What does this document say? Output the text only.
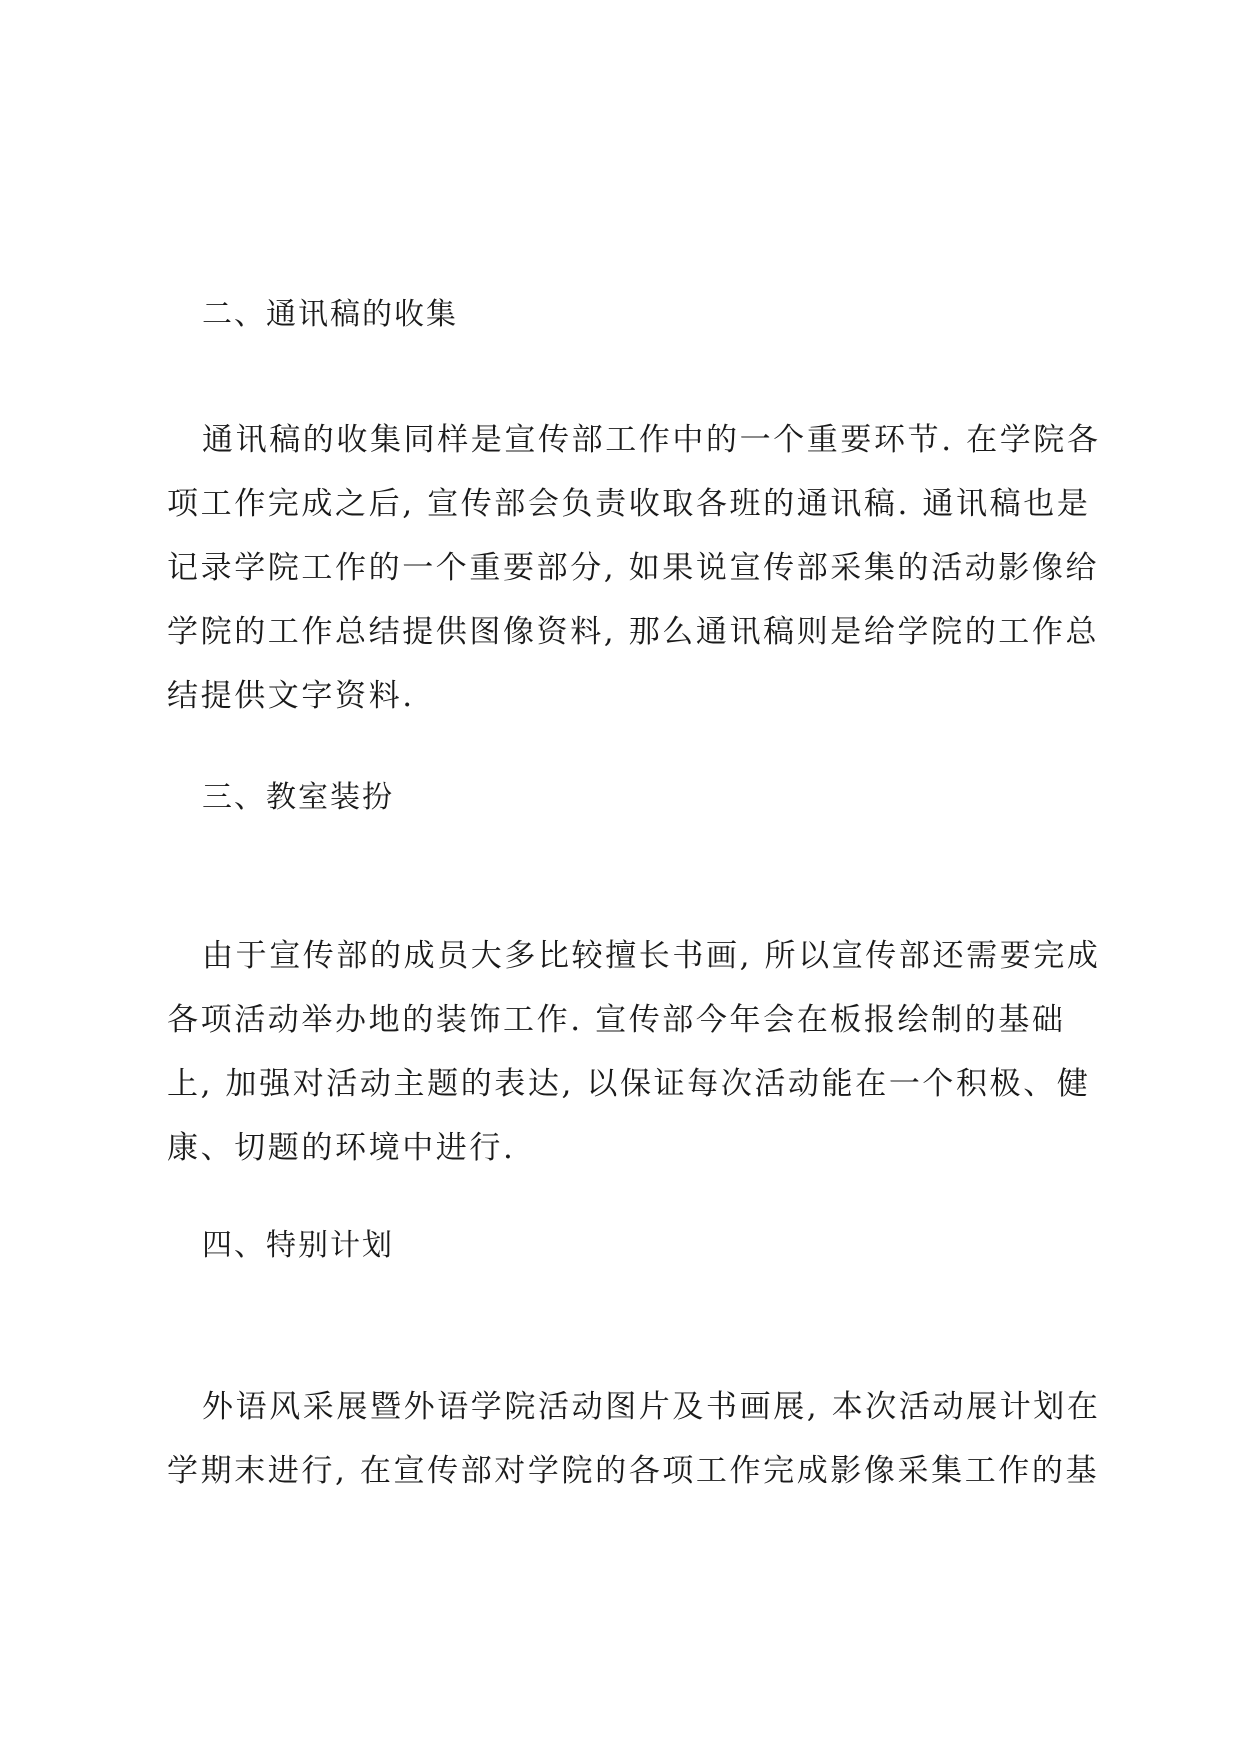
二、通讯稿的收集
通讯稿的收集同样是宣传部工作中的一个重要环节. 在学院各
项工作完成之后, 宣传部会负责收取各班的通讯稿. 通讯稿也是
记录学院工作的一个重要部分, 如果说宣传部采集的活动影像给
学院的工作总结提供图像资料, 那么通讯稿则是给学院的工作总
结提供文字资料.
三、教室装扮
由于宣传部的成员大多比较擅长书画, 所以宣传部还需要完成
各项活动举办地的装饰工作. 宣传部今年会在板报绘制的基础
上, 加强对活动主题的表达, 以保证每次活动能在一个积极、健
康、切题的环境中进行.
四、特别计划
外语风采展暨外语学院活动图片及书画展, 本次活动展计划在
学期末进行, 在宣传部对学院的各项工作完成影像采集工作的基
